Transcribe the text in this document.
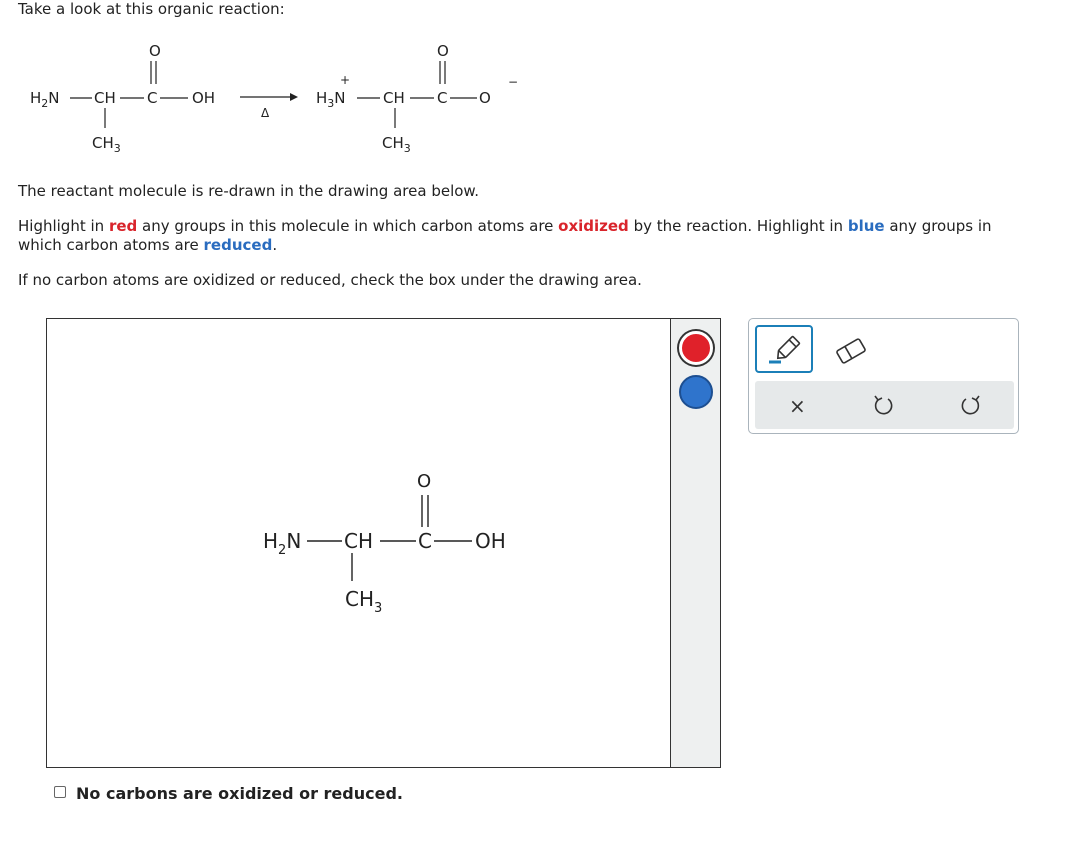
Take a look at this organic reaction:
O
$H_2N$ CH C OH
$CH_3$
Δ
O
+
$H_3N$ CH C O
−
$CH_3$
The reactant molecule is re-drawn in the drawing area below.
Highlight in red any groups in this molecule in which carbon atoms are oxidized by the reaction. Highlight in blue any groups in
which carbon atoms are reduced.
If no carbon atoms are oxidized or reduced, check the box under the drawing area.
O
$H_2N$ CH C OH
$CH_3$
×
No carbons are oxidized or reduced.
